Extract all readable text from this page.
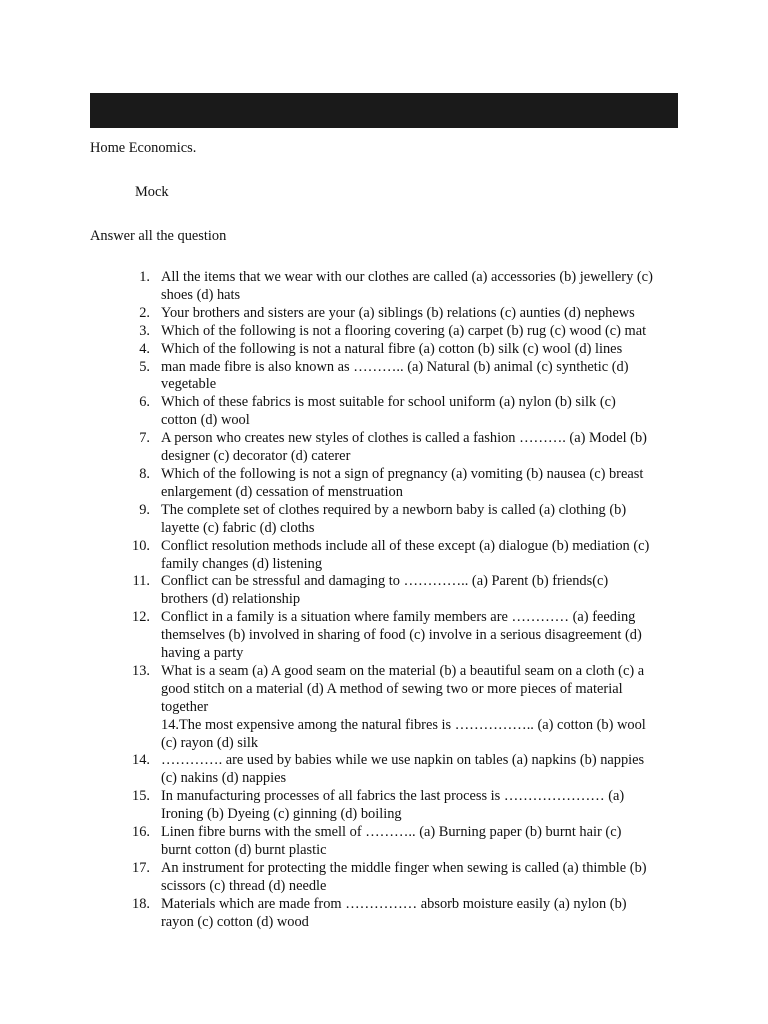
Home Economics.
Mock
Answer all the question
1. All the items that we wear with our clothes are called (a) accessories (b) jewellery (c)
shoes (d) hats
2. Your brothers and sisters are your (a) siblings (b) relations (c) aunties (d) nephews
3. Which of the following is not a flooring covering (a) carpet (b) rug (c) wood (c) mat
4. Which of the following is not a natural fibre (a) cotton (b) silk (c) wool (d) lines
5. man made fibre is also known as ……….. (a) Natural (b) animal (c) synthetic (d)
vegetable
6. Which of these fabrics is most suitable for school uniform (a) nylon (b) silk (c)
cotton (d) wool
7. A person who creates new styles of clothes is called a fashion ………. (a) Model (b)
designer (c) decorator (d) caterer
8. Which of the following is not a sign of pregnancy (a) vomiting (b) nausea (c) breast
enlargement (d) cessation of menstruation
9. The complete set of clothes required by a newborn baby is called (a) clothing (b)
layette (c) fabric (d) cloths
10. Conflict resolution methods include all of these except (a) dialogue (b) mediation (c)
family changes (d) listening
11. Conflict can be stressful and damaging to ………….. (a) Parent (b) friends(c)
brothers (d) relationship
12. Conflict in a family is a situation where family members are ………… (a) feeding
themselves (b) involved in sharing of food (c) involve in a serious disagreement (d)
having a party
13. What is a seam (a) A good seam on the material (b) a beautiful seam on a cloth (c) a
good stitch on a material (d) A method of sewing two or more pieces of material
together
14.The most expensive among the natural fibres is …………….. (a) cotton (b) wool
(c) rayon (d) silk
14. …………. are used by babies while we use napkin on tables (a) napkins (b) nappies
(c) nakins (d) nappies
15. In manufacturing processes of all fabrics the last process is ………………… (a)
Ironing (b) Dyeing (c) ginning (d) boiling
16. Linen fibre burns with the smell of ……….. (a) Burning paper (b) burnt hair (c)
burnt cotton (d) burnt plastic
17. An instrument for protecting the middle finger when sewing is called (a) thimble (b)
scissors (c) thread (d) needle
18. Materials which are made from …………… absorb moisture easily (a) nylon (b)
rayon (c) cotton (d) wood
